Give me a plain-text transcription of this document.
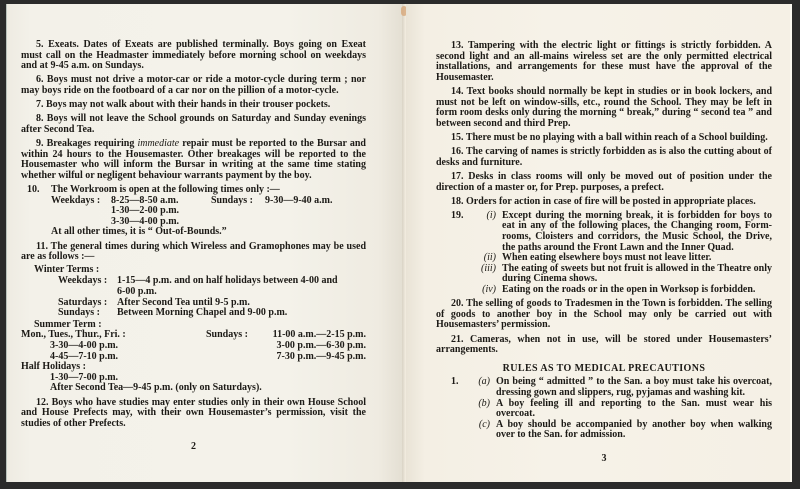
5. Exeats. Dates of Exeats are published terminally. Boys going on Exeat must call on the Headmaster immediately before morning school on weekdays and at 9-45 a.m. on Sundays.

6. Boys must not drive a motor-car or ride a motor-cycle during term ; nor may boys ride on the footboard of a car nor on the pillion of a motor-cycle.

7. Boys may not walk about with their hands in their trouser pockets.

8. Boys will not leave the School grounds on Saturday and Sunday evenings after Second Tea.

9. Breakages requiring immediate repair must be reported to the Bursar and within 24 hours to the Housemaster. Other breakages will be reported to the Housemaster who will inform the Bursar in writing at the same time stating whether wilful or negligent behaviour warrants payment by the boy.

10.	The Workroom is open at the following times only :—
Weekdays :	8-25—8-50 a.m.
1-30—2-00 p.m.
3-30—4-00 p.m.
Sundays :	9-30—9-40 a.m.
At all other times, it is “ Out-of-Bounds.”

11. The general times during which Wireless and Gramophones may be used are as follows :—

Winter Terms :
Weekdays : 1-15—4 p.m. and on half holidays between 4-00 and
6-00 p.m.
Saturdays : After Second Tea until 9-5 p.m.
Sundays :	Between Morning Chapel and 9-00 p.m.
Summer Term :
Mon., Tues., Thur., Fri. :
3-30—4-00 p.m.
4-45—7-10 p.m.
Sundays :	11-00 a.m.—2-15 p.m.
3-00 p.m.—6-30 p.m.
7-30 p.m.—9-45 p.m.
Half Holidays :
1-30—7-00 p.m.
After Second Tea—9-45 p.m. (only on Saturdays).

12. Boys who have studies may enter studies only in their own House School and House Prefects may, with their own Housemaster’s permission, visit the studies of other Prefects.

2

13. Tampering with the electric light or fittings is strictly forbidden. A second light and an all-mains wireless set are the only permitted electrical installations, and arrangements for these must have the approval of the Housemaster.

14. Text books should normally be kept in studies or in book lockers, and must not be left on window-sills, etc., round the School. They may be left in form room desks only during the morning “ break,” during “ second tea ” and between second and third Prep.

15. There must be no playing with a ball within reach of a School building.

16. The carving of names is strictly forbidden as is also the cutting about of desks and furniture.

17. Desks in class rooms will only be moved out of position under the direction of a master or, for Prep. purposes, a prefect.

18. Orders for action in case of fire will be posted in appropriate places.

19.	(i) Except during the morning break, it is forbidden for boys to eat in any of the following places, the Changing room, Form-rooms, Cloisters and corridors, the Music School, the Drive, the paths around the Front Lawn and the Inner Quad.
(ii) When eating elsewhere boys must not leave litter.
(iii) The eating of sweets but not fruit is allowed in the Theatre only during Cinema shows.
(iv) Eating on the roads or in the open in Worksop is forbidden.

20. The selling of goods to Tradesmen in the Town is forbidden. The selling of goods to another boy in the School may only be carried out with Housemasters’ permission.

21. Cameras, when not in use, will be stored under Housemasters’ arrangements.

RULES AS TO MEDICAL PRECAUTIONS
1.	(a) On being “ admitted ” to the San. a boy must take his overcoat, dressing gown and slippers, rug, pyjamas and washing kit.
(b) A boy feeling ill and reporting to the San. must wear his overcoat.
(c) A boy should be accompanied by another boy when walking over to the San. for admission.
3
